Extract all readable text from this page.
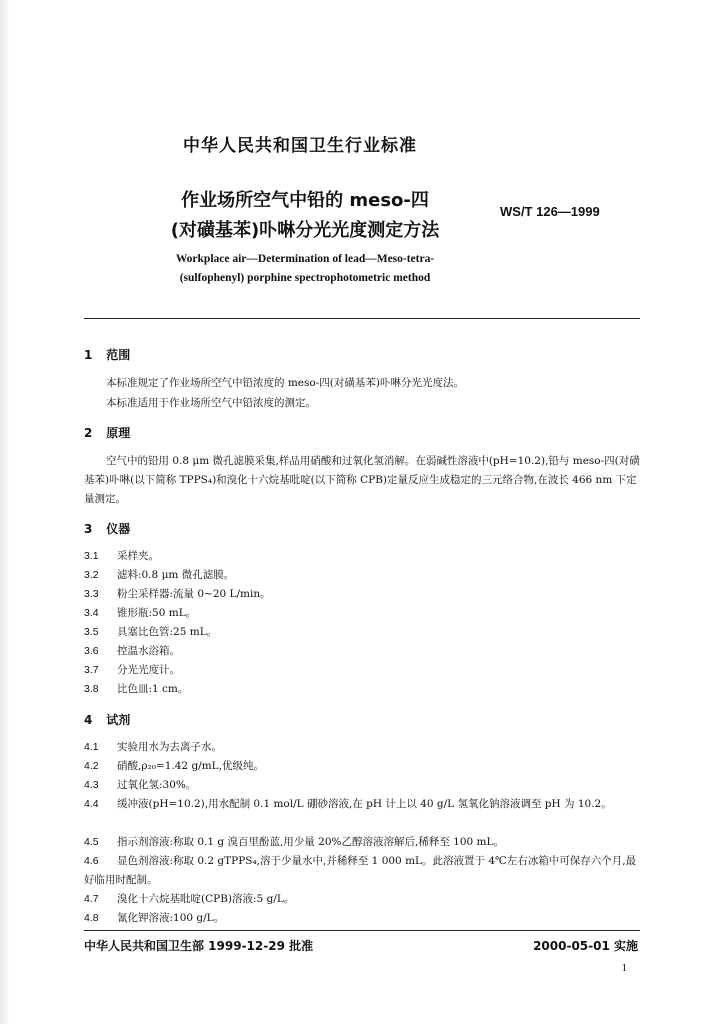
中华人民共和国卫生行业标准
作业场所空气中铅的 meso-四
(对磺基苯)卟啉分光光度测定方法
WS/T 126—1999
Workplace air—Determination of lead—Meso-tetra-
(sulfophenyl) porphine spectrophotometric method
1 范围
本标准规定了作业场所空气中铅浓度的 meso-四(对磺基苯)卟啉分光光度法。
本标准适用于作业场所空气中铅浓度的测定。
2 原理
空气中的铅用 0.8 μm 微孔滤膜采集,样品用硝酸和过氧化氢消解。在弱碱性溶液中(pH=10.2),铅与 meso-四(对磺基苯)卟啉(以下简称 TPPS₄)和溴化十六烷基吡啶(以下简称 CPB)定量反应生成稳定的三元络合物,在波长 466 nm 下定量测定。
3 仪器
3.1 采样夹。
3.2 滤料:0.8 μm 微孔滤膜。
3.3 粉尘采样器:流量 0~20 L/min。
3.4 锥形瓶:50 mL。
3.5 具塞比色管:25 mL。
3.6 控温水浴箱。
3.7 分光光度计。
3.8 比色皿:1 cm。
4 试剂
4.1 实验用水为去离子水。
4.2 硝酸,ρ₂₀=1.42 g/mL,优级纯。
4.3 过氧化氢:30%。
4.4 缓冲液(pH=10.2),用水配制 0.1 mol/L 硼砂溶液,在 pH 计上以 40 g/L 氢氧化钠溶液调至 pH 为 10.2。
4.5 指示剂溶液:称取 0.1 g 溴百里酚蓝,用少量 20%乙醇溶液溶解后,稀释至 100 mL。
4.6 显色剂溶液:称取 0.2 gTPPS₄,溶于少量水中,并稀释至 1 000 mL。此溶液置于 4℃左右冰箱中可保存六个月,最好临用时配制。
4.7 溴化十六烷基吡啶(CPB)溶液:5 g/L。
4.8 氰化钾溶液:100 g/L。
中华人民共和国卫生部 1999-12-29 批准	2000-05-01 实施
1
